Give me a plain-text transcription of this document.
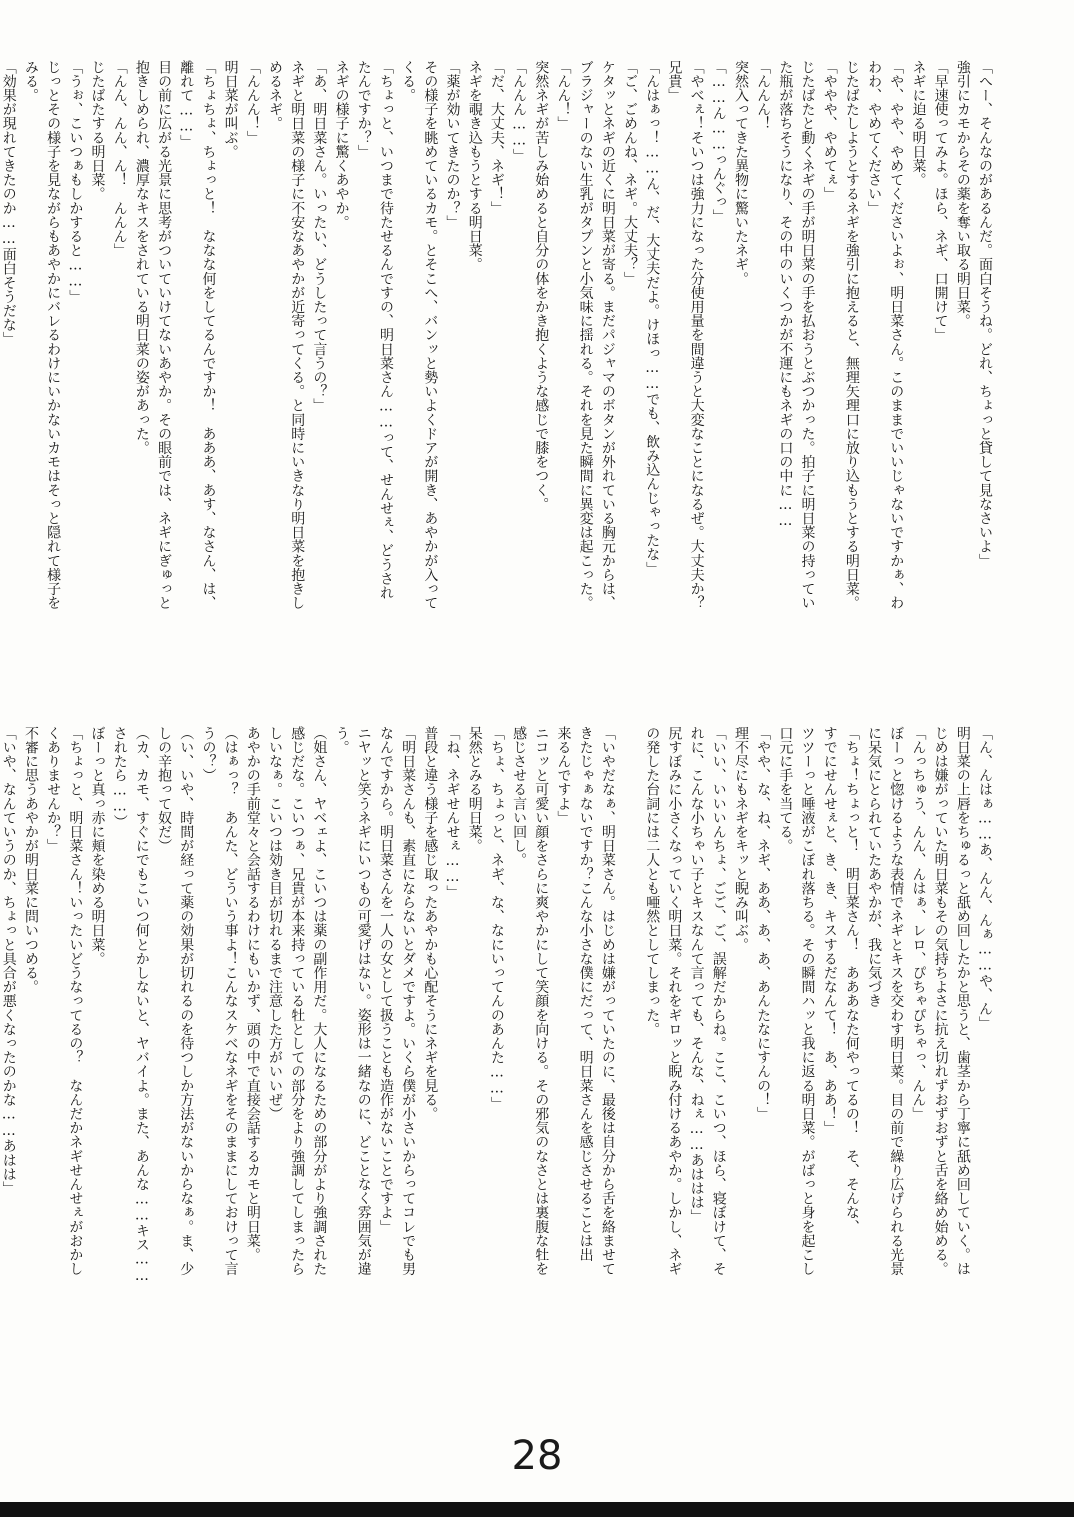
「へー、そんなのがあるんだ。面白そうね。どれ、ちょっと貸して見なさいよ」
強引にカモからその薬を奪い取る明日菜。
「早速使ってみよ。ほら、ネギ、口開けて」
ネギに迫る明日菜。
「や、やや、やめてくださいよぉ、明日菜さん。このままでいいじゃないですかぁ、わ
わわ、やめてください」
じたばたしようとするネギを強引に抱えると、無理矢理口に放り込もうとする明日菜。
「ややや、やめてぇ」
じたばたと動くネギの手が明日菜の手を払おうとぶつかった。拍子に明日菜の持ってい
た瓶が落ちそうになり、その中のいくつかが不運にもネギの口の中に……
「んんん！
突然入ってきた異物に驚いたネギ。
「……ん……っんぐっ」
「やべぇ！そいつは強力になった分使用量を間違うと大変なことになるぜ。大丈夫か？
兄貴」
「んはぁっ！……ん、だ、大丈夫だよ。けほっ……でも、飲み込んじゃったな」
「ご、ごめんね、ネギ。大丈夫？」
ケタッとネギの近くに明日菜が寄る。まだパジャマのボタンが外れている胸元からは、
ブラジャーのない生乳がタプンと小気味に揺れる。それを見た瞬間に異変は起こった。
「んん！」
突然ネギが苦しみ始めると自分の体をかき抱くような感じで膝をつく。
「んんん……」
「だ、大丈夫、ネギ！」
ネギを覗き込もうとする明日菜。
「薬が効いてきたのか？」
その様子を眺めているカモ。とそこへ、バンッと勢いよくドアが開き、あやかが入って
くる。
「ちょっと、いつまで待たせるんですの、明日菜さん……って、せんせぇ、どうされ
たんですか？」
ネギの様子に驚くあやか。
「あ、明日菜さん。いったい、どうしたって言うの？」
ネギと明日菜の様子に不安なあやかが近寄ってくる。と同時にいきなり明日菜を抱きし
めるネギ。
「んんん！」
明日菜が叫ぶ。
「ちょちょ、ちょっと！　ななな何をしてるんですか！　あああ、あす、なさん、は、
離れて……」
目の前に広がる光景に思考がついていけてないあやか。その眼前では、ネギにぎゅっと
抱きしめられ、濃厚なキスをされている明日菜の姿があった。
「んん、んん、ん！　んんん」
じたばたする明日菜。
「うぉ、こいつぁもしかすると……」
じっとその様子を見ながらもあやかにバレるわけにいかないカモはそっと隠れて様子を
みる。
「効果が現れてきたのか……面白そうだな」
「ん、んはぁ……あ、んん、んぁ……や、ん」
明日菜の上唇をちゅるっと舐め回したかと思うと、歯茎から丁寧に舐め回していく。は
じめは嫌がっていた明日菜もその気持ちよさに抗え切れずおずおずと舌を絡め始める。
「んっちゅう、んん、んはぁ、レロ、ぴちゃぴちゃっ、んん」
ぼーっと惚けるような表情でネギとキスを交わす明日菜。目の前で繰り広げられる光景
に呆気にとられていたあやかが、我に気づき
「ちょ！ちょっと！　明日菜さん！　あああなた何やってるの！　そ、そんな、
すでにせんせぇと、き、き、キスするだなんて！　あ、ああ！」
ツツーっと唾液がこぼれ落ちる。その瞬間ハッと我に返る明日菜。がばっと身を起こし
口元に手を当てる。
「やや、な、ね、ネギ、ああ、あ、あ、あんたなにすんの！」
理不尽にもネギをキッと睨み叫ぶ。
「いい、いいいんちょ、ごご、ご、誤解だからね。ここ、こいつ、ほら、寝ぼけて、そ
れに、こんな小ちゃい子とキスなんて言っても、そんな、ねぇ……あははは」
尻すぼみに小さくなっていく明日菜。それをギロッと睨み付けるあやか。しかし、ネギ
の発した台詞には二人とも唖然としてしまった。
「いやだなぁ、明日菜さん。はじめは嫌がっていたのに、最後は自分から舌を絡ませて
きたじゃぁないですか？こんな小さな僕にだって、明日菜さんを感じさせることは出
来るんですよ」
ニコッと可愛い顔をさらに爽やかにして笑顔を向ける。その邪気のなさとは裏腹な牡を
感じさせる言い回し。
「ちょ、ちょっと、ネギ、な、なにいってんのあんた……」
呆然とみる明日菜。
「ね、ネギせんせぇ……」
普段と違う様子を感じ取ったあやかも心配そうにネギを見る。
「明日菜さんも、素直にならないとダメですよ。いくら僕が小さいからってコレでも男
なんですから。明日菜さんを一人の女として扱うことも造作がないことですよ」
ニヤッと笑うネギにいつもの可愛げはない。姿形は一緒なのに、どことなく雰囲気が違
う。
（姐さん、ヤベェよ、こいつは薬の副作用だ。大人になるための部分がより強調された
感じだな。こいつぁ、兄貴が本来持っている牡としての部分をより強調してしまったら
しいなぁ。こいつは効き目が切れるまで注意した方がいいぜ）
あやかの手前堂々と会話するわけにもいかず、頭の中で直接会話するカモと明日菜。
（はぁっ？　あんた、どういう事よ！こんなスケベなネギをそのままにしておけって言
うの？）
（い、いや、時間が経って薬の効果が切れるのを待つしか方法がないからなぁ。ま、少
しの辛抱って奴だ）
（カ、カモ、すぐにでもこいつ何とかしないと、ヤバイよ。また、あんな……キス……
されたら……）
ぼーっと真っ赤に頬を染める明日菜。
「ちょっと、明日菜さん！いったいどうなってるの？　なんだかネギせんせぇがおかし
くありませんか？」
不審に思うあやかが明日菜に問いつめる。
「いや、なんていうのか、ちょっと具合が悪くなったのかな……あはは」
28
